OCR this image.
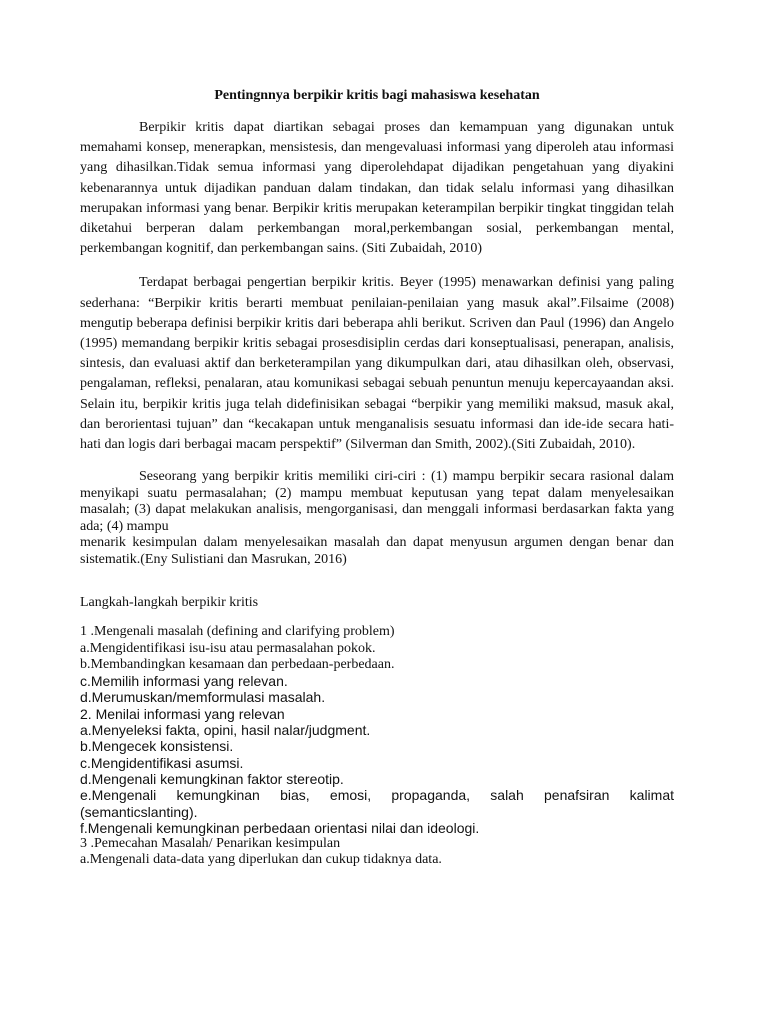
Pentingnnya berpikir kritis bagi mahasiswa kesehatan

Berpikir kritis dapat diartikan sebagai proses dan kemampuan yang digunakan untuk memahami konsep, menerapkan, mensistesis, dan mengevaluasi informasi yang diperoleh atau informasi yang dihasilkan.Tidak semua informasi yang diperolehdapat dijadikan pengetahuan yang diyakini kebenarannya untuk dijadikan panduan dalam tindakan, dan tidak selalu informasi yang dihasilkan merupakan informasi yang benar. Berpikir kritis merupakan keterampilan berpikir tingkat tinggidan telah diketahui berperan dalam perkembangan moral,perkembangan sosial, perkembangan mental, perkembangan kognitif, dan perkembangan sains. (Siti Zubaidah, 2010)

Terdapat berbagai pengertian berpikir kritis. Beyer (1995) menawarkan definisi yang paling sederhana: “Berpikir kritis berarti membuat penilaian-penilaian yang masuk akal”.Filsaime (2008) mengutip beberapa definisi berpikir kritis dari beberapa ahli berikut. Scriven dan Paul (1996) dan Angelo (1995) memandang berpikir kritis sebagai prosesdisiplin cerdas dari konseptualisasi, penerapan, analisis, sintesis, dan evaluasi aktif dan berketerampilan yang dikumpulkan dari, atau dihasilkan oleh, observasi, pengalaman, refleksi, penalaran, atau komunikasi sebagai sebuah penuntun menuju kepercayaandan aksi. Selain itu, berpikir kritis juga telah didefinisikan sebagai “berpikir yang memiliki maksud, masuk akal, dan berorientasi tujuan” dan “kecakapan untuk menganalisis sesuatu informasi dan ide-ide secara hati-hati dan logis dari berbagai macam perspektif” (Silverman dan Smith, 2002).(Siti Zubaidah, 2010).

Seseorang yang berpikir kritis memiliki ciri-ciri : (1) mampu berpikir secara rasional dalam menyikapi suatu permasalahan; (2) mampu membuat keputusan yang tepat dalam menyelesaikan masalah; (3) dapat melakukan analisis, mengorganisasi, dan menggali informasi berdasarkan fakta yang ada; (4) mampu
menarik kesimpulan dalam menyelesaikan masalah dan dapat menyusun argumen dengan benar dan sistematik.(Eny Sulistiani dan Masrukan, 2016)

Langkah-langkah berpikir kritis
1 .Mengenali masalah (defining and clarifying problem)
a.Mengidentifikasi isu-isu atau permasalahan pokok.
b.Membandingkan kesamaan dan perbedaan-perbedaan.
c.Memilih informasi yang relevan.
d.Merumuskan/memformulasi masalah.
2. Menilai informasi yang relevan
a.Menyeleksi fakta, opini, hasil nalar/judgment.
b.Mengecek konsistensi.
c.Mengidentifikasi asumsi.
d.Mengenali kemungkinan faktor stereotip.
e.Mengenali kemungkinan bias, emosi, propaganda, salah penafsiran kalimat (semanticslanting).
f.Mengenali kemungkinan perbedaan orientasi nilai dan ideologi.
3 .Pemecahan Masalah/ Penarikan kesimpulan
a.Mengenali data-data yang diperlukan dan cukup tidaknya data.
